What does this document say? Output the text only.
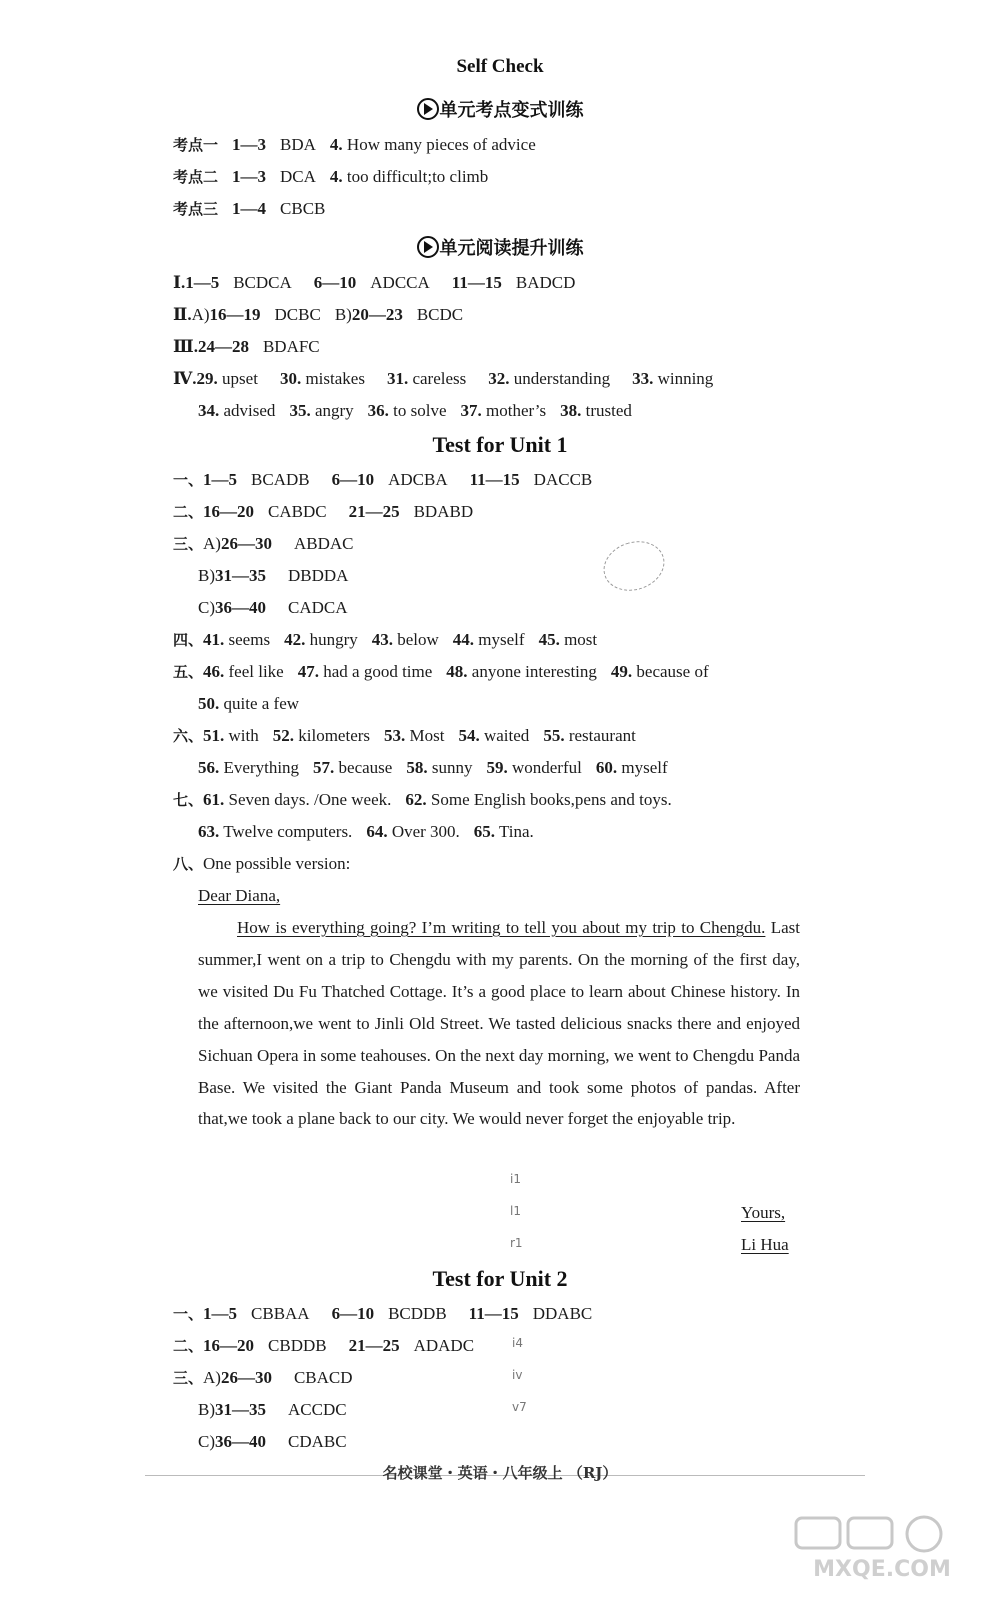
Self Check
单元考点变式训练
考点一 1—3 BDA 4. How many pieces of advice
考点二 1—3 DCA 4. too difficult;to climb
考点三 1—4 CBCB
单元阅读提升训练
Ⅰ.1—5 BCDCA 6—10 ADCCA 11—15 BADCD
Ⅱ.A)16—19 DCBC B)20—23 BCDC
Ⅲ.24—28 BDAFC
Ⅳ.29. upset 30. mistakes 31. careless 32. understanding 33. winning
34. advised 35. angry 36. to solve 37. mother’s 38. trusted
Test for Unit 1
一、1—5 BCADB 6—10 ADCBA 11—15 DACCB
二、16—20 CABDC 21—25 BDABD
三、A)26—30 ABDAC
B)31—35 DBDDA
C)36—40 CADCA
四、41. seems 42. hungry 43. below 44. myself 45. most
五、46. feel like 47. had a good time 48. anyone interesting 49. because of
50. quite a few
六、51. with 52. kilometers 53. Most 54. waited 55. restaurant
56. Everything 57. because 58. sunny 59. wonderful 60. myself
七、61. Seven days. /One week. 62. Some English books,pens and toys.
63. Twelve computers. 64. Over 300. 65. Tina.
八、One possible version:
Dear Diana,
How is everything going? I’m writing to tell you about my trip to Chengdu. Last summer,I went on a trip to Chengdu with my parents. On the morning of the first day, we visited Du Fu Thatched Cottage. It’s a good place to learn about Chinese history. In the afternoon,we went to Jinli Old Street. We tasted delicious snacks there and enjoyed Sichuan Opera in some teahouses. On the next day morning, we went to Chengdu Panda Base. We visited the Giant Panda Museum and took some photos of pandas. After that,we took a plane back to our city. We would never forget the enjoyable trip.
Yours,
Li Hua
i1
l1
r1
Test for Unit 2
一、1—5 CBBAA 6—10 BCDDB 11—15 DDABC
二、16—20 CBDDB 21—25 ADADC
三、A)26—30 CBACD
B)31—35 ACCDC
C)36—40 CDABC
i4
iv
v7
名校课堂・英语・八年级上 （RJ）
MXQE.COM
